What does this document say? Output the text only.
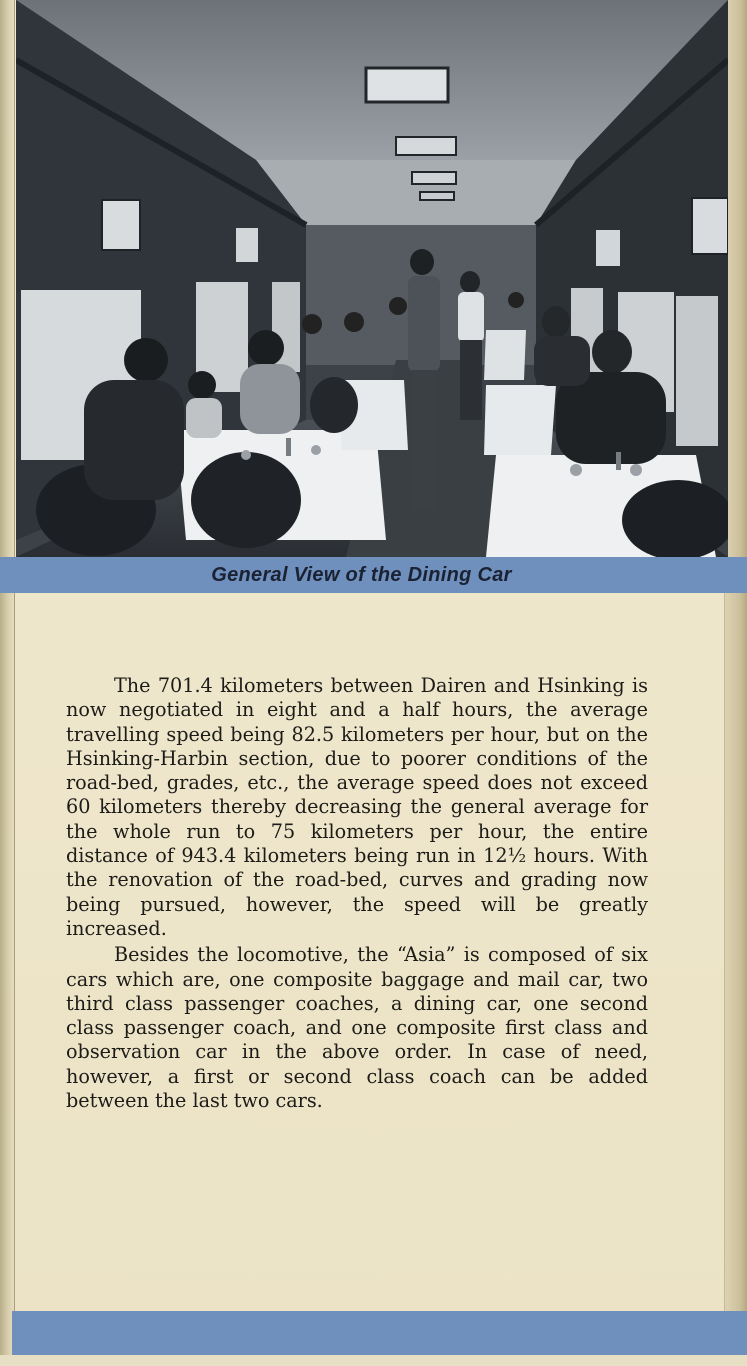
General View of the Dining Car

The 701.4 kilometers between Dairen and Hsinking is now negotiated in eight and a half hours, the average travelling speed being 82.5 kilometers per hour, but on the Hsinking-Harbin section, due to poorer conditions of the road-bed, grades, etc., the average speed does not exceed 60 kilometers thereby decreasing the general average for the whole run to 75 kilometers per hour, the entire distance of 943.4 kilometers being run in 12½ hours. With the renovation of the road-bed, curves and grading now being pursued, however, the speed will be greatly increased.

Besides the locomotive, the “Asia” is composed of six cars which are, one composite baggage and mail car, two third class passenger coaches, a dining car, one second class passenger coach, and one composite first class and observation car in the above order. In case of need, however, a first or second class coach can be added between the last two cars.
